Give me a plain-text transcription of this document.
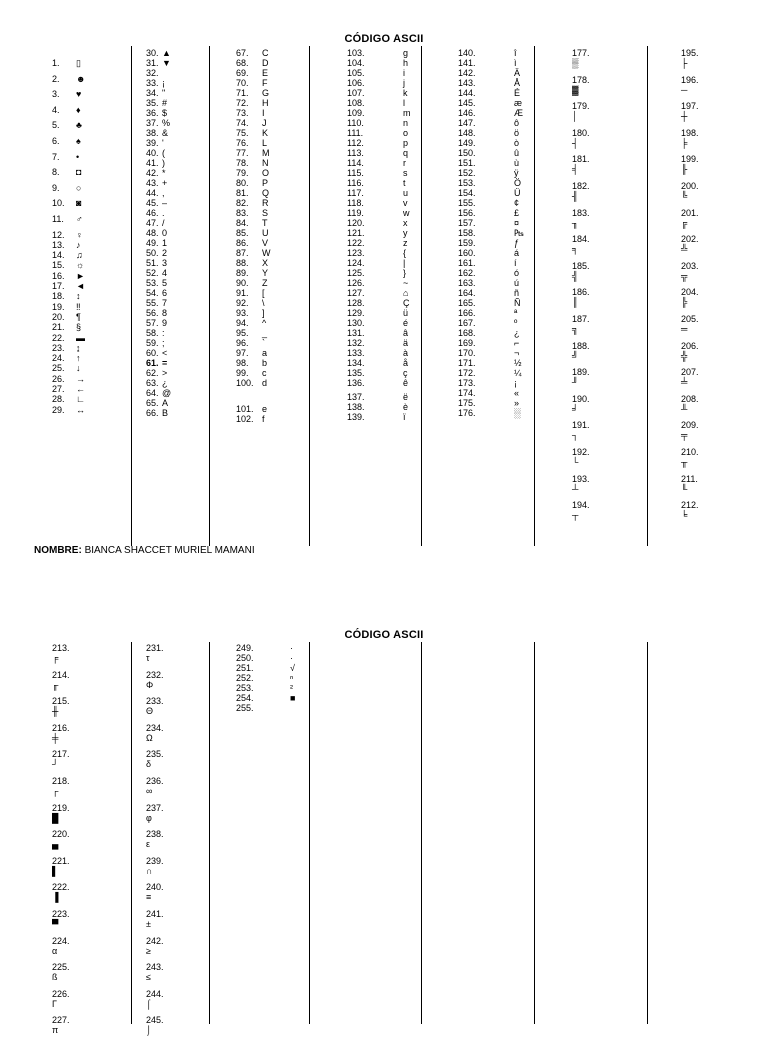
CÓDIGO ASCII
1. ▯
2. ☻
3. ♥
4. ♦
5. ♣
6. ♠
7. •
8. ◘
9. ○
10. ◙
11. ♂
12. ♀
13. ♪
14. ♫
15. ☼
16. ►
17. ◄
18. ↕
19. ‼
20. ¶
21. §
22. ▬
23. ↨
24. ↑
25. ↓
26. →
27. ←
28. ∟
29. ↔
30. ▲
31. ▼
32.
33. ¡
34. "
35. #
36. $
37. %
38. &
39. '
40. (
41. )
42. *
43. +
44. ,
45. –
46. .
47. /
48. 0
49. 1
50. 2
51. 3
52. 4
53. 5
54. 6
55. 7
56. 8
57. 9
58. :
59. ;
60. <
61. =
62. >
63. ¿
64. @
65. A
66. B
67. C
68. D
69. E
70. F
71. G
72. H
73. I
74. J
75. K
76. L
77. M
78. N
79. O
80. P
81. Q
82. R
83. S
84. T
85. U
86. V
87. W
88. X
89. Y
90. Z
91. [
92. \
93. ]
94. ^
95. _
96. `
97. a
98. b
99. c
100. d
101. e
102. f
103.	g
104.	h
105.	i
106.	j
107.	k
108.	l
109.	m
110.	n
111.	o
112.	p
113.	q
114.	r
115.	s
116.	t
117.	u
118.	v
119.	w
120.	x
121.	y
122.	z
123.	{
124.	|
125.	}
126.	~
127.	⌂
128.	Ç
129.	ü
130.	é
131.	â
132.	ä
133.	à
134.	å
135.	ç
136.	ê
137.	ë
138.	è
139.	ï
140.	î
141.	ì
142.	Ä
143.	Å
144.	É
145.	æ
146.	Æ
147.	ô
148.	ö
149.	ò
150.	û
151.	ù
152.	ÿ
153.	Ö
154.	Ü
155.	¢
156.	£
157.	¤
158.	₧
159.	ƒ
160.	á
161.	í
162.	ó
163.	ú
164.	ñ
165.	Ñ
166.	ª
167.	º
168.	¿
169.	⌐
170.	¬
171.	½
172.	¼
173.	¡
174.	«
175.	»
176.	░
177.
▒
178.
▓
179.
│
180.
┤
181.
╡
182.
╢
183.
╖
184.
╕
185.
╣
186.
║
187.
╗
188.
╝
189.
╜
190.
╛
191.
┐
192.
└
193.
┴
194.
┬
195.
├
196.
─
197.
┼
198.
╞
199.
╟
200.
╚
201.
╔
202.
╩
203.
╦
204.
╠
205.
═
206.
╬
207.
╧
208.
╨
209.
╤
210.
╥
211.
╙
212.
╘
NOMBRE: BIANCA SHACCET MURIEL MAMANI
CÓDIGO ASCII
213.
╒
214.
╓
215.
╫
216.
╪
217.
┘
218.
┌
219.
█
220.
▄
221.
▌
222.
▐
223.
▀
224.
α
225.
ß
226.
Γ
227.
π
231.
τ
232.
Φ
233.
Θ
234.
Ω
235.
δ
236.
∞
237.
φ
238.
ε
239.
∩
240.
≡
241.
±
242.
≥
243.
≤
244.
⌠
245.
⌡
249.	·
250.	·
251.	√
252.	ⁿ
253.	²
254.	■
255.
